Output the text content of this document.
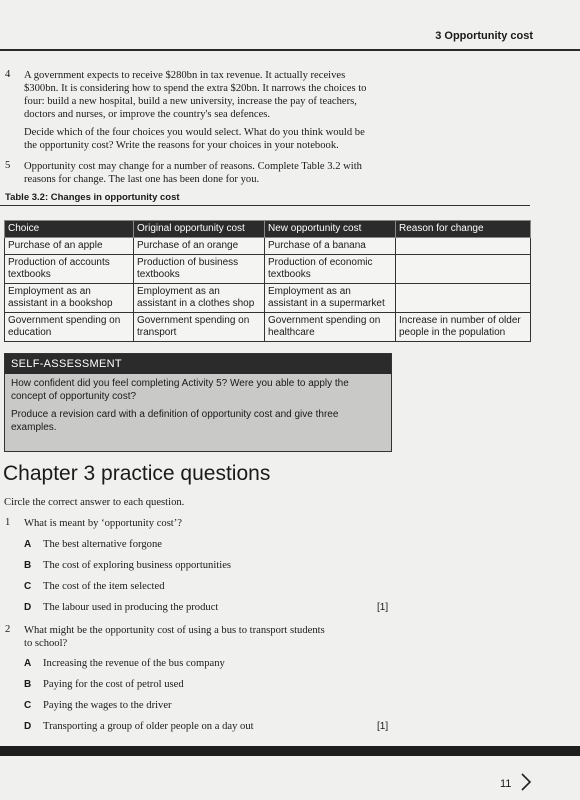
3 Opportunity cost
4 A government expects to receive $280bn in tax revenue. It actually receives
$300bn. It is considering how to spend the extra $20bn. It narrows the choices to
four: build a new hospital, build a new university, increase the pay of teachers,
doctors and nurses, or improve the country's sea defences.
Decide which of the four choices you would select. What do you think would be
the opportunity cost? Write the reasons for your choices in your notebook.
5 Opportunity cost may change for a number of reasons. Complete Table 3.2 with
reasons for change. The last one has been done for you.
Table 3.2: Changes in opportunity cost
Choice	Original opportunity cost	New opportunity cost	Reason for change
Purchase of an apple	Purchase of an orange	Purchase of a banana	
Production of accounts textbooks	Production of business textbooks	Production of economic textbooks	
Employment as an assistant in a bookshop	Employment as an assistant in a clothes shop	Employment as an assistant in a supermarket	
Government spending on education	Government spending on transport	Government spending on healthcare	Increase in number of older people in the population
SELF-ASSESSMENT

How confident did you feel completing Activity 5? Were you able to apply the concept of opportunity cost?

Produce a revision card with a definition of opportunity cost and give three examples.

Chapter 3 practice questions
Circle the correct answer to each question.
1 What is meant by ‘opportunity cost’?
A The best alternative forgone
B The cost of exploring business opportunities
C The cost of the item selected
D The labour used in producing the product	[1]
2 What might be the opportunity cost of using a bus to transport students
to school?
A Increasing the revenue of the bus company
B Paying for the cost of petrol used
C Paying the wages to the driver
D Transporting a group of older people on a day out	[1]
11
